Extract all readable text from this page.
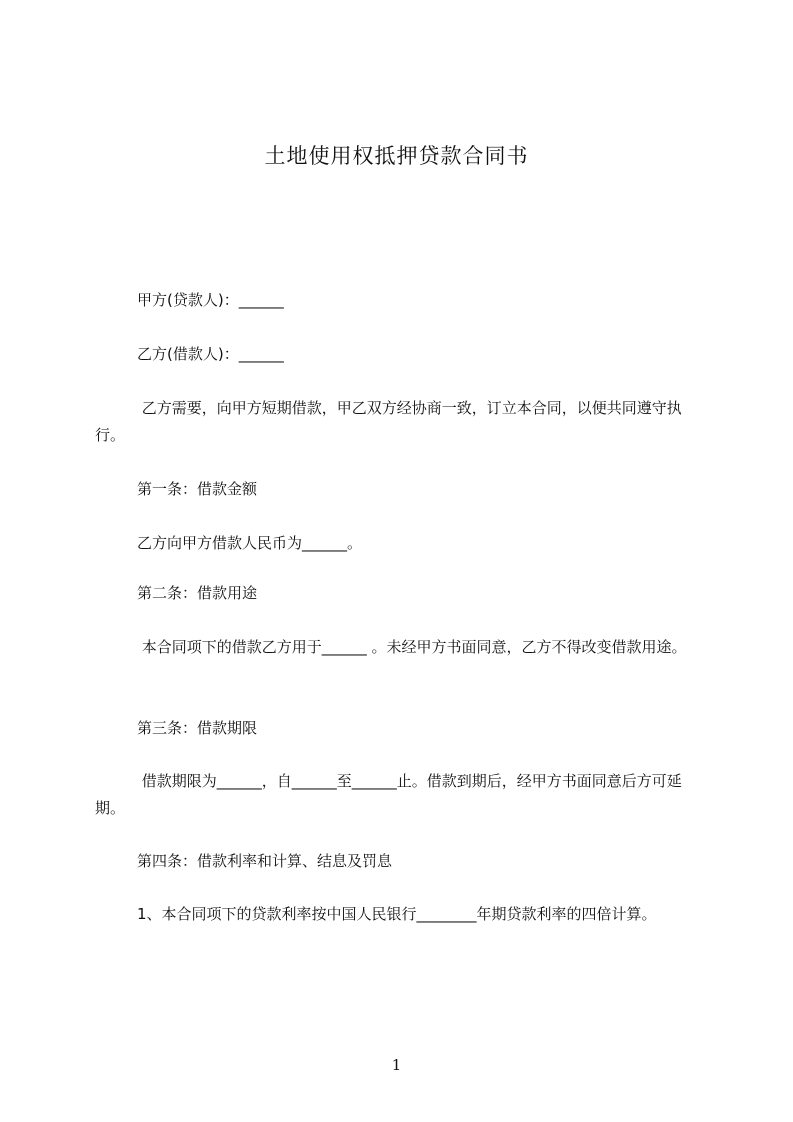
土地使用权抵押贷款合同书

甲方(贷款人)：______

乙方(借款人)：______

乙方需要，向甲方短期借款，甲乙双方经协商一致，订立本合同，以便共同遵守执行。

第一条：借款金额

乙方向甲方借款人民币为______。

第二条：借款用途

本合同项下的借款乙方用于______ 。未经甲方书面同意，乙方不得改变借款用途。

第三条：借款期限

借款期限为______，自______至______止。借款到期后，经甲方书面同意后方可延期。

第四条：借款利率和计算、结息及罚息

1、本合同项下的贷款利率按中国人民银行________年期贷款利率的四倍计算。

1
